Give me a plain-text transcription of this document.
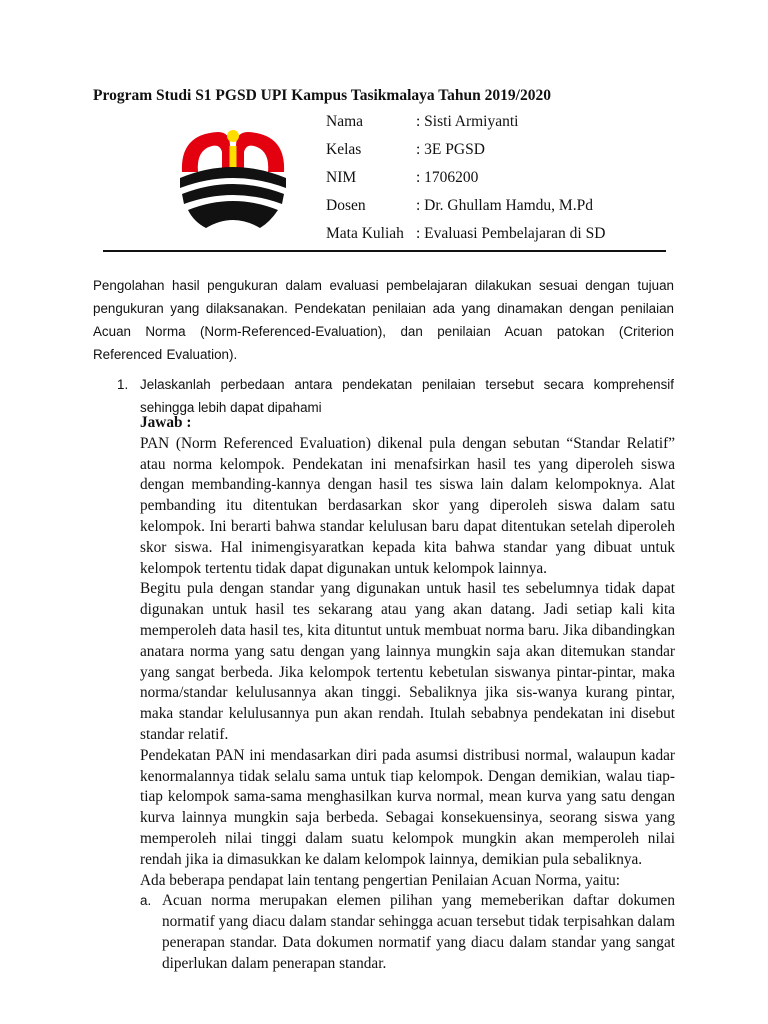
Program Studi S1 PGSD UPI Kampus Tasikmalaya Tahun 2019/2020
Nama	: Sisti Armiyanti
Kelas	: 3E PGSD
NIM	: 1706200
Dosen	: Dr. Ghullam Hamdu, M.Pd
Mata Kuliah : Evaluasi Pembelajaran di SD
Pengolahan hasil pengukuran dalam evaluasi pembelajaran dilakukan sesuai dengan tujuan pengukuran yang dilaksanakan. Pendekatan penilaian ada yang dinamakan dengan penilaian Acuan Norma (Norm-Referenced-Evaluation), dan penilaian Acuan patokan (Criterion Referenced Evaluation).
1. Jelaskanlah perbedaan antara pendekatan penilaian tersebut secara komprehensif sehingga lebih dapat dipahami
Jawab :

PAN (Norm Referenced Evaluation) dikenal pula dengan sebutan “Standar Relatif” atau norma kelompok. Pendekatan ini menafsirkan hasil tes yang diperoleh siswa dengan membanding-kannya dengan hasil tes siswa lain dalam kelompoknya. Alat pembanding itu ditentukan berdasarkan skor yang diperoleh siswa dalam satu kelompok. Ini berarti bahwa standar kelulusan baru dapat ditentukan setelah diperoleh skor siswa. Hal inimengisyaratkan kepada kita bahwa standar yang dibuat untuk kelompok tertentu tidak dapat digunakan untuk kelompok lainnya.

Begitu pula dengan standar yang digunakan untuk hasil tes sebelumnya tidak dapat digunakan untuk hasil tes sekarang atau yang akan datang. Jadi setiap kali kita memperoleh data hasil tes, kita dituntut untuk membuat norma baru. Jika dibandingkan anatara norma yang satu dengan yang lainnya mungkin saja akan ditemukan standar yang sangat berbeda. Jika kelompok tertentu kebetulan siswanya pintar-pintar, maka norma/standar kelulusannya akan tinggi. Sebaliknya jika sis-wanya kurang pintar, maka standar kelulusannya pun akan rendah. Itulah sebabnya pendekatan ini disebut standar relatif.

Pendekatan PAN ini mendasarkan diri pada asumsi distribusi normal, walaupun kadar kenormalannya tidak selalu sama untuk tiap kelompok. Dengan demikian, walau tiap-tiap kelompok sama-sama menghasilkan kurva normal, mean kurva yang satu dengan kurva lainnya mungkin saja berbeda. Sebagai konsekuensinya, seorang siswa yang memperoleh nilai tinggi dalam suatu kelompok mungkin akan memperoleh nilai rendah jika ia dimasukkan ke dalam kelompok lainnya, demikian pula sebaliknya.

Ada beberapa pendapat lain tentang pengertian Penilaian Acuan Norma, yaitu:

a. Acuan norma merupakan elemen pilihan yang memeberikan daftar dokumen normatif yang diacu dalam standar sehingga acuan tersebut tidak terpisahkan dalam penerapan standar. Data dokumen normatif yang diacu dalam standar yang sangat diperlukan dalam penerapan standar.
